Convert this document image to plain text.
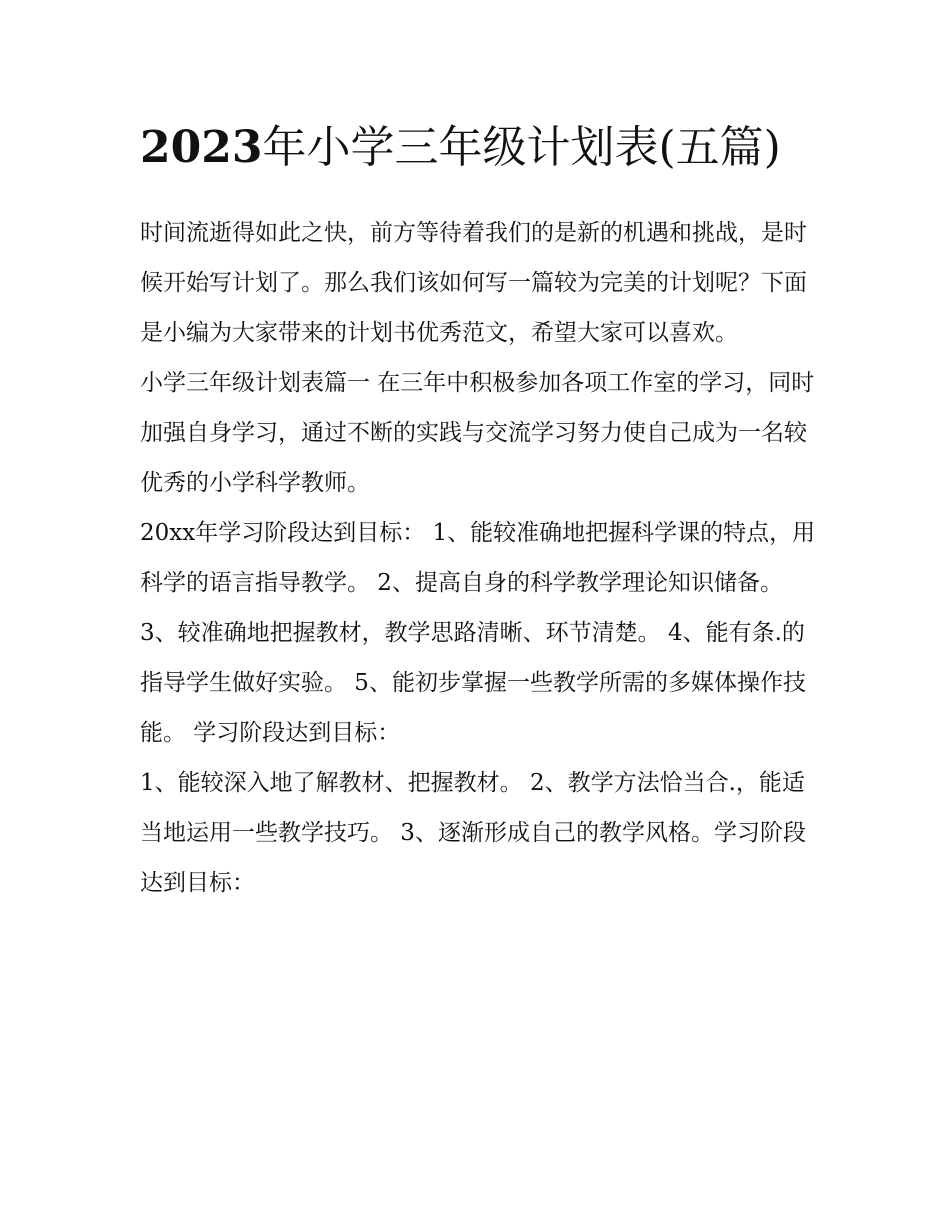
2023年小学三年级计划表(五篇)

时间流逝得如此之快，前方等待着我们的是新的机遇和挑战，是时候开始写计划了。那么我们该如何写一篇较为完美的计划呢？下面是小编为大家带来的计划书优秀范文，希望大家可以喜欢。

小学三年级计划表篇一 在三年中积极参加各项工作室的学习，同时加强自身学习，通过不断的实践与交流学习努力使自己成为一名较优秀的小学科学教师。

20xx年学习阶段达到目标： 1、能较准确地把握科学课的特点，用科学的语言指导教学。 2、提高自身的科学教学理论知识储备。

3、较准确地把握教材，教学思路清晰、环节清楚。 4、能有条.的指导学生做好实验。 5、能初步掌握一些教学所需的多媒体操作技能。 学习阶段达到目标：

1、能较深入地了解教材、把握教材。 2、教学方法恰当合.，能适当地运用一些教学技巧。 3、逐渐形成自己的教学风格。学习阶段达到目标：
